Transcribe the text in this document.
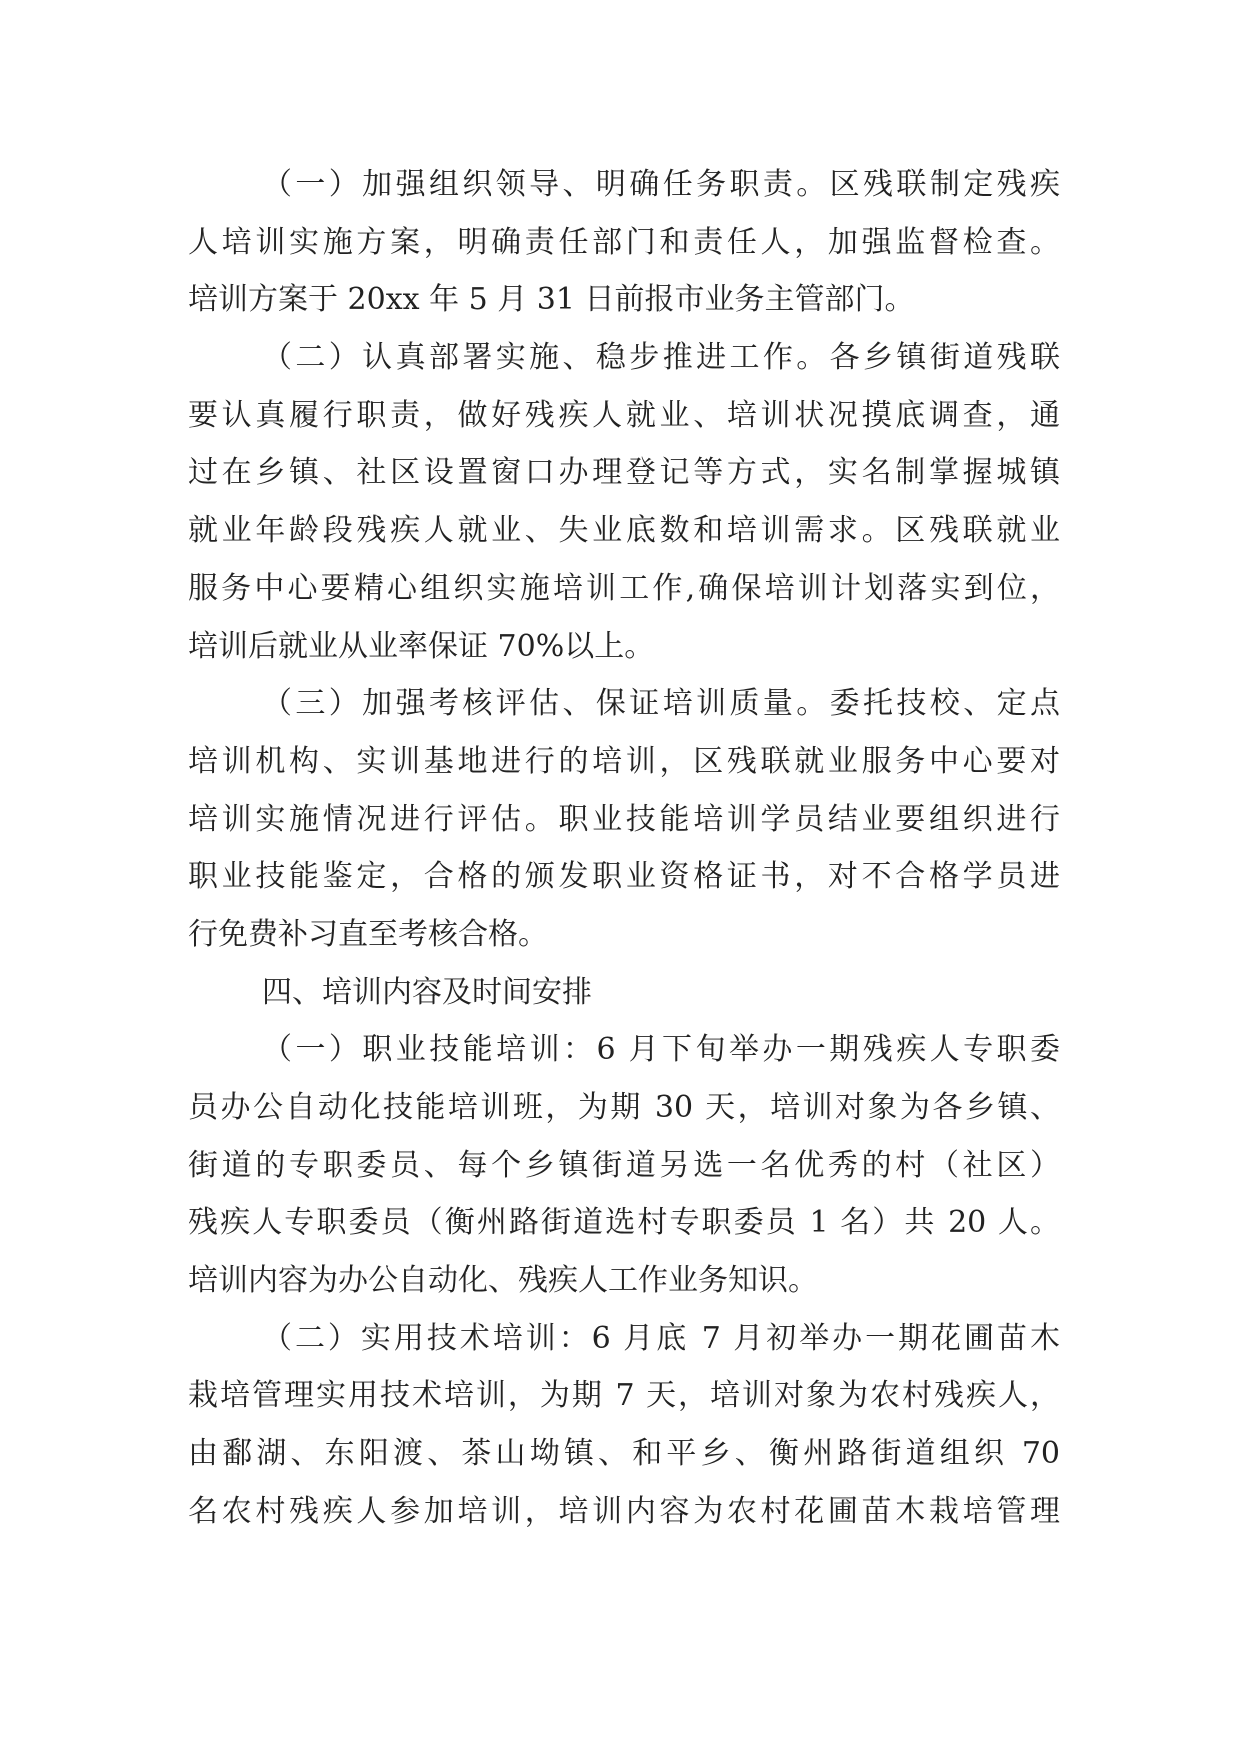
（一）加强组织领导、明确任务职责。区残联制定残疾
人培训实施方案，明确责任部门和责任人，加强监督检查。
培训方案于 20xx 年 5 月 31 日前报市业务主管部门。
（二）认真部署实施、稳步推进工作。各乡镇街道残联
要认真履行职责，做好残疾人就业、培训状况摸底调查，通
过在乡镇、社区设置窗口办理登记等方式，实名制掌握城镇
就业年龄段残疾人就业、失业底数和培训需求。区残联就业
服务中心要精心组织实施培训工作,确保培训计划落实到位，
培训后就业从业率保证 70%以上。
（三）加强考核评估、保证培训质量。委托技校、定点
培训机构、实训基地进行的培训，区残联就业服务中心要对
培训实施情况进行评估。职业技能培训学员结业要组织进行
职业技能鉴定，合格的颁发职业资格证书，对不合格学员进
行免费补习直至考核合格。
四、培训内容及时间安排
（一）职业技能培训：6 月下旬举办一期残疾人专职委
员办公自动化技能培训班，为期 30 天，培训对象为各乡镇、
街道的专职委员、每个乡镇街道另选一名优秀的村（社区）
残疾人专职委员（衡州路街道选村专职委员 1 名）共 20 人。
培训内容为办公自动化、残疾人工作业务知识。
（二）实用技术培训：6 月底 7 月初举办一期花圃苗木
栽培管理实用技术培训，为期 7 天，培训对象为农村残疾人，
由鄱湖、东阳渡、茶山坳镇、和平乡、衡州路街道组织 70
名农村残疾人参加培训，培训内容为农村花圃苗木栽培管理
